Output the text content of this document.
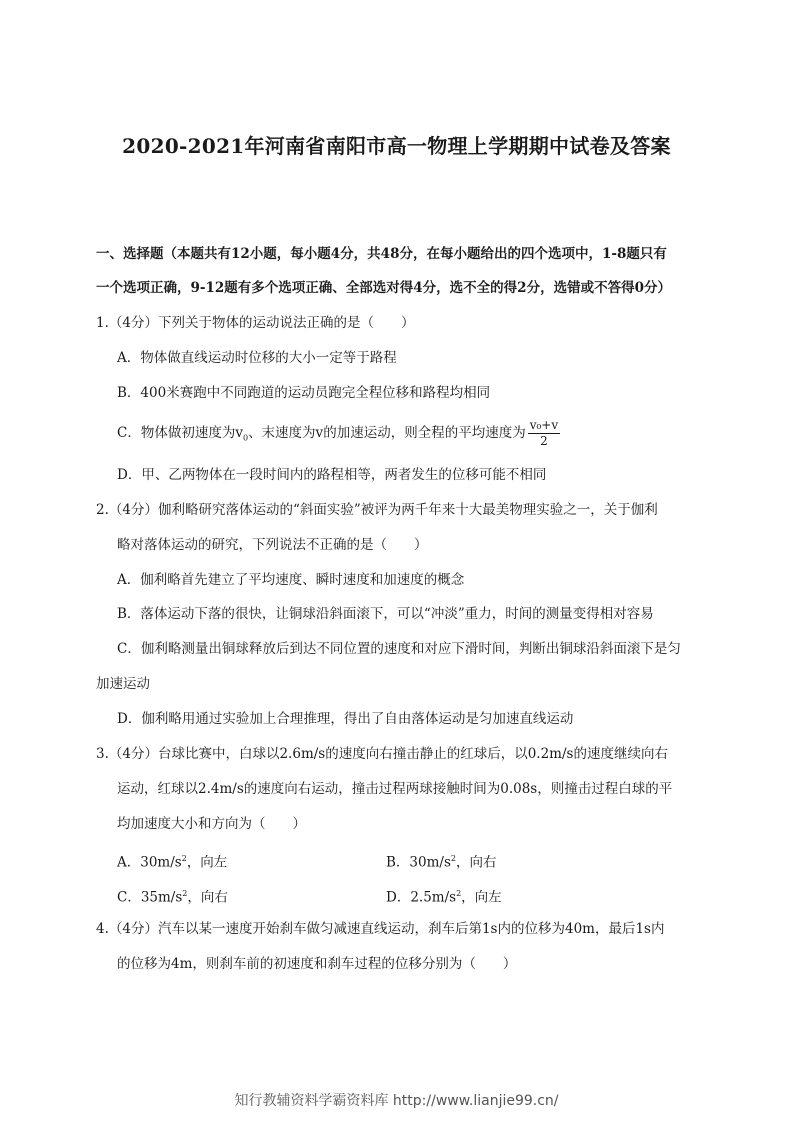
2020-2021年河南省南阳市高一物理上学期期中试卷及答案
一、选择题（本题共有12小题，每小题4分，共48分，在每小题给出的四个选项中，1-8题只有
一个选项正确，9-12题有多个选项正确、全部选对得4分，选不全的得2分，选错或不答得0分）
1.（4分）下列关于物体的运动说法正确的是（　　）
A．物体做直线运动时位移的大小一定等于路程
B．400米赛跑中不同跑道的运动员跑完全程位移和路程均相同
C．物体做初速度为$v_0$、末速度为v的加速运动，则全程的平均速度为 $\frac{\text{v₀+v}}{2}$
D．甲、乙两物体在一段时间内的路程相等，两者发生的位移可能不相同
2.（4分）伽利略研究落体运动的“斜面实验”被评为两千年来十大最美物理实验之一，关于伽利
略对落体运动的研究，下列说法不正确的是（　　）
A．伽利略首先建立了平均速度、瞬时速度和加速度的概念
B．落体运动下落的很快，让铜球沿斜面滚下，可以“冲淡”重力，时间的测量变得相对容易
C．伽利略测量出铜球释放后到达不同位置的速度和对应下滑时间，判断出铜球沿斜面滚下是匀
加速运动
D．伽利略用通过实验加上合理推理，得出了自由落体运动是匀加速直线运动
3.（4分）台球比赛中，白球以2.6m/s的速度向右撞击静止的红球后，以0.2m/s的速度继续向右
运动，红球以2.4m/s的速度向右运动，撞击过程两球接触时间为0.08s，则撞击过程白球的平
均加速度大小和方向为（　　）
A．$30m/s^2$，向左	B．$30m/s^2$，向右
C．$35m/s^2$，向右	D．$2.5m/s^2$，向左
4.（4分）汽车以某一速度开始刹车做匀减速直线运动，刹车后第1s内的位移为40m，最后1s内
的位移为4m，则刹车前的初速度和刹车过程的位移分别为（　　）
知行教辅资料学霸资料库 http://www.lianjie99.cn/
